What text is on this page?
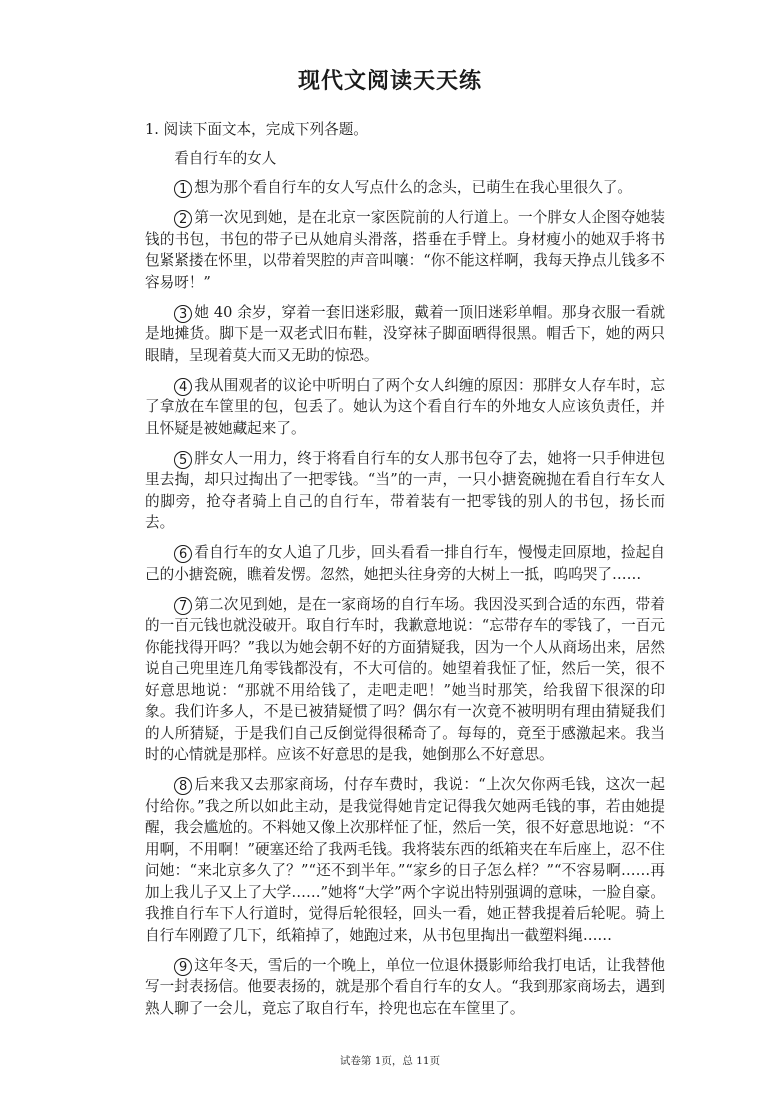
现代文阅读天天练

1. 阅读下面文本，完成下列各题。

看自行车的女人

1 想为那个看自行车的女人写点什么的念头，已萌生在我心里很久了。

2 第一次见到她，是在北京一家医院前的人行道上。一个胖女人企图夺她装钱的书包，书包的带子已从她肩头滑落，搭垂在手臂上。身材瘦小的她双手将书包紧紧搂在怀里，以带着哭腔的声音叫嚷：“你不能这样啊，我每天挣点儿钱多不容易呀！”

3 她 40 余岁，穿着一套旧迷彩服，戴着一顶旧迷彩单帽。那身衣服一看就是地摊货。脚下是一双老式旧布鞋，没穿袜子脚面晒得很黑。帽舌下，她的两只眼睛，呈现着莫大而又无助的惊恐。

4 我从围观者的议论中听明白了两个女人纠缠的原因：那胖女人存车时，忘了拿放在车筐里的包，包丢了。她认为这个看自行车的外地女人应该负责任，并且怀疑是被她藏起来了。

5 胖女人一用力，终于将看自行车的女人那书包夺了去，她将一只手伸进包里去掏，却只过掏出了一把零钱。“当”的一声，一只小搪瓷碗抛在看自行车女人的脚旁，抢夺者骑上自己的自行车，带着装有一把零钱的别人的书包，扬长而去。

6 看自行车的女人追了几步，回头看看一排自行车，慢慢走回原地，捡起自己的小搪瓷碗，瞧着发愣。忽然，她把头往身旁的大树上一抵，呜呜哭了……

7 第二次见到她，是在一家商场的自行车场。我因没买到合适的东西，带着的一百元钱也就没破开。取自行车时，我歉意地说：“忘带存车的零钱了，一百元你能找得开吗？”我以为她会朝不好的方面猜疑我，因为一个人从商场出来，居然说自己兜里连几角零钱都没有，不大可信的。她望着我怔了怔，然后一笑，很不好意思地说：“那就不用给钱了，走吧走吧！”她当时那笑，给我留下很深的印象。我们许多人，不是已被猜疑惯了吗？偶尔有一次竟不被明明有理由猜疑我们的人所猜疑，于是我们自己反倒觉得很稀奇了。每每的，竟至于感激起来。我当时的心情就是那样。应该不好意思的是我，她倒那么不好意思。

8 后来我又去那家商场，付存车费时，我说：“上次欠你两毛钱，这次一起付给你。”我之所以如此主动，是我觉得她肯定记得我欠她两毛钱的事，若由她提醒，我会尴尬的。不料她又像上次那样怔了怔，然后一笑，很不好意思地说：“不用啊，不用啊！”硬塞还给了我两毛钱。我将装东西的纸箱夹在车后座上，忍不住问她：“来北京多久了？”“还不到半年。”“家乡的日子怎么样？”“不容易啊……再加上我儿子又上了大学……”她将“大学”两个字说出特别强调的意味，一脸自豪。我推自行车下人行道时，觉得后轮很轻，回头一看，她正替我提着后轮呢。骑上自行车刚蹬了几下，纸箱掉了，她跑过来，从书包里掏出一截塑料绳……

9 这年冬天，雪后的一个晚上，单位一位退休摄影师给我打电话，让我替他写一封表扬信。他要表扬的，就是那个看自行车的女人。“我到那家商场去，遇到熟人聊了一会儿，竟忘了取自行车，拎兜也忘在车筐里了。

试卷第 1页，总 11页
